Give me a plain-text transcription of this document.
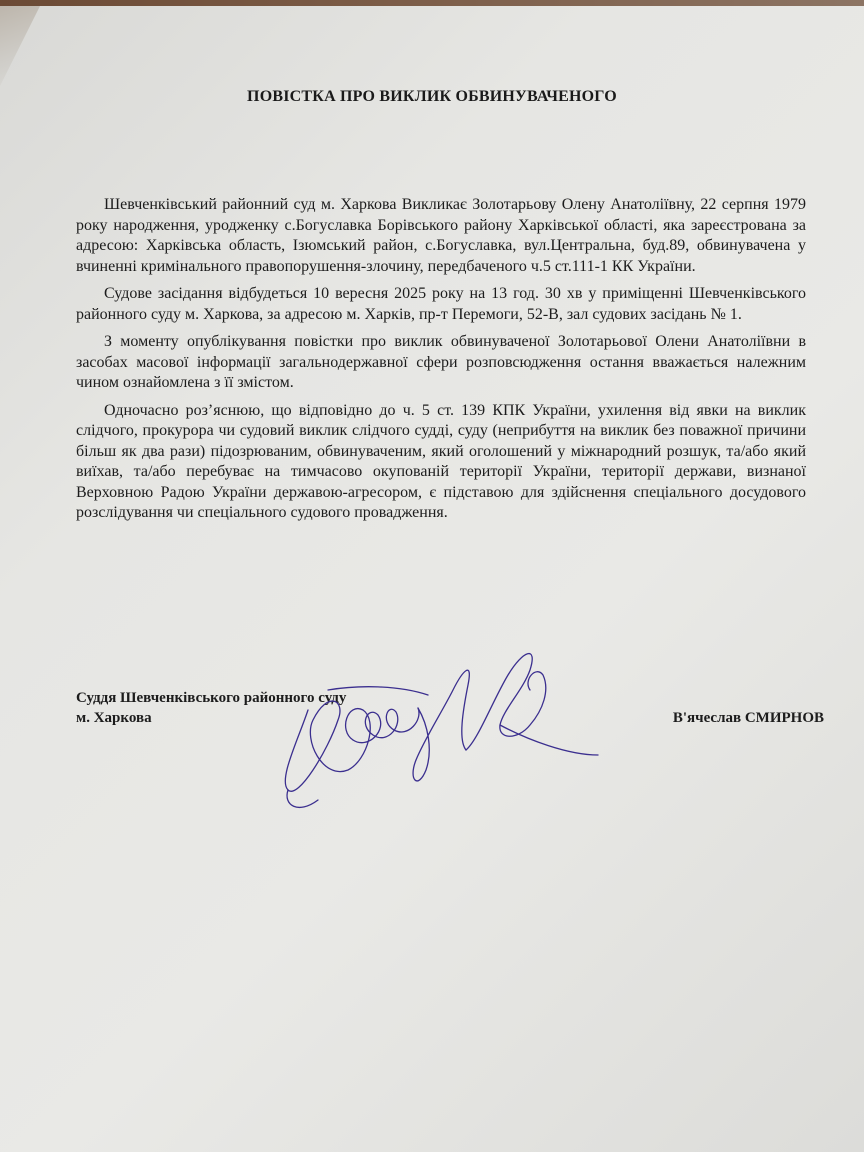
ПОВІСТКА ПРО ВИКЛИК ОБВИНУВАЧЕНОГО

Шевченківський районний суд м. Харкова Викликає Золотарьову Олену Анатоліївну, 22 серпня 1979 року народження, уродженку с.Богуславка Борівського району Харківської області, яка зареєстрована за адресою: Харківська область, Ізюмський район, с.Богуславка, вул.Центральна, буд.89, обвинувачена у вчиненні кримінального правопорушення-злочину, передбаченого ч.5 ст.111-1 КК України.

Судове засідання відбудеться 10 вересня 2025 року на 13 год. 30 хв у приміщенні Шевченківського районного суду м. Харкова, за адресою м. Харків, пр-т Перемоги, 52-В, зал судових засідань № 1.

З моменту опублікування повістки про виклик обвинуваченої Золотарьової Олени Анатоліївни в засобах масової інформації загальнодержавної сфери розповсюдження остання вважається належним чином ознайомлена з її змістом.

Одночасно роз’яснюю, що відповідно до ч. 5 ст. 139 КПК України, ухилення від явки на виклик слідчого, прокурора чи судовий виклик слідчого судді, суду (неприбуття на виклик без поважної причини більш як два рази) підозрюваним, обвинуваченим, який оголошений у міжнародний розшук, та/або який виїхав, та/або перебуває на тимчасово окупованій території України, території держави, визнаної Верховною Радою України державою-агресором, є підставою для здійснення спеціального досудового розслідування чи спеціального судового провадження.

Суддя Шевченківського районного суду
м. Харкова	В'ячеслав СМИРНОВ
